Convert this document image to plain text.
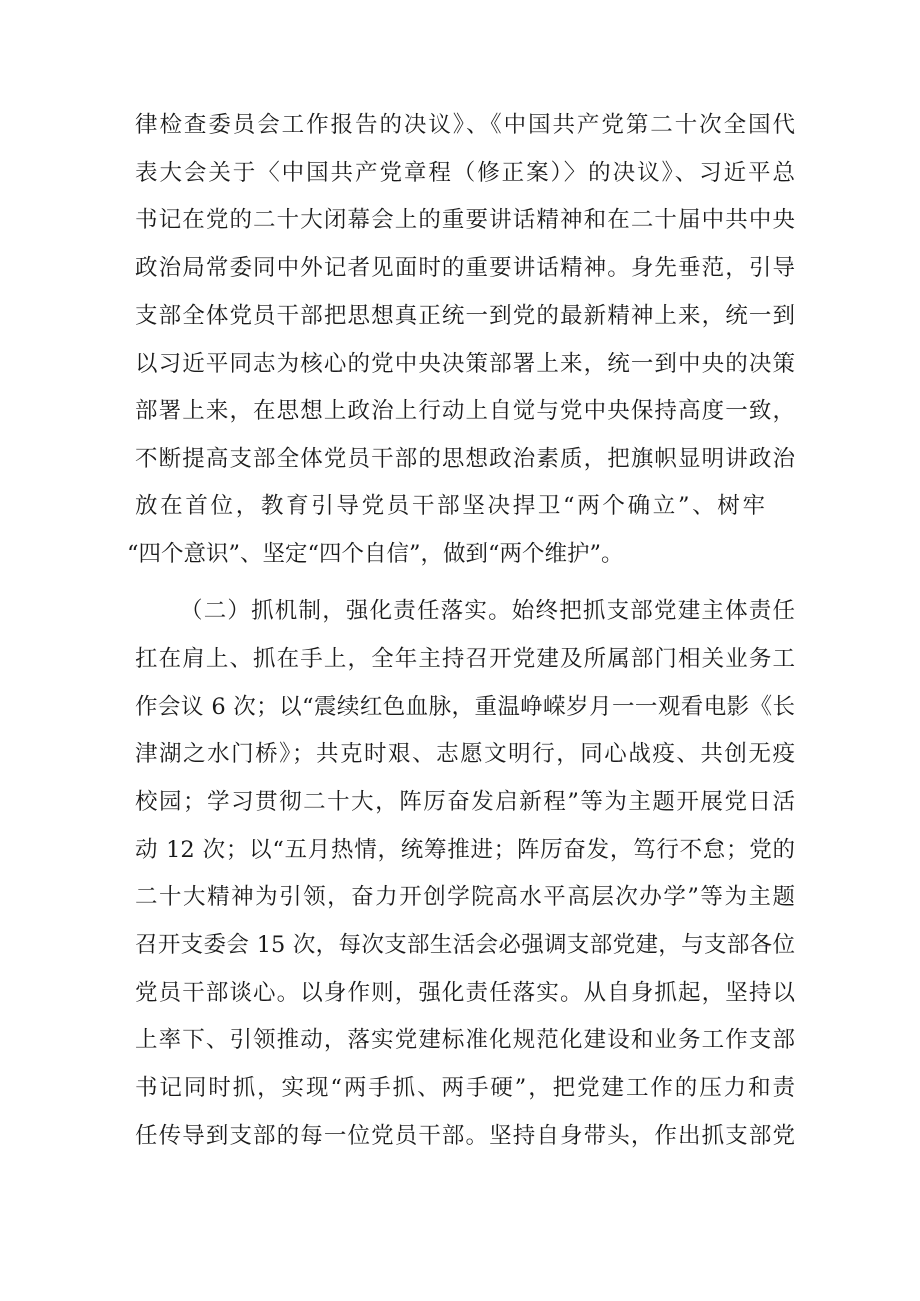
律检查委员会工作报告的决议》、《中国共产党第二十次全国代
表大会关于〈中国共产党章程（修正案）〉的决议》、习近平总
书记在党的二十大闭幕会上的重要讲话精神和在二十届中共中央
政治局常委同中外记者见面时的重要讲话精神。身先垂范，引导
支部全体党员干部把思想真正统一到党的最新精神上来，统一到
以习近平同志为核心的党中央决策部署上来，统一到中央的决策
部署上来，在思想上政治上行动上自觉与党中央保持高度一致，
不断提高支部全体党员干部的思想政治素质，把旗帜显明讲政治
放在首位，教育引导党员干部坚决捍卫“两个确立”、树牢
“四个意识”、坚定“四个自信”，做到“两个维护”。
（二）抓机制，强化责任落实。始终把抓支部党建主体责任
扛在肩上、抓在手上，全年主持召开党建及所属部门相关业务工
作会议 6 次；以“震续红色血脉，重温峥嵘岁月一一观看电影《长
津湖之水门桥》；共克时艰、志愿文明行，同心战疫、共创无疫
校园；学习贯彻二十大，阵厉奋发启新程”等为主题开展党日活
动 12 次；以“五月热情，统筹推进；阵厉奋发，笃行不怠；党的
二十大精神为引领，奋力开创学院高水平高层次办学”等为主题
召开支委会 15 次，每次支部生活会必强调支部党建，与支部各位
党员干部谈心。以身作则，强化责任落实。从自身抓起，坚持以
上率下、引领推动，落实党建标准化规范化建设和业务工作支部
书记同时抓，实现“两手抓、两手硬”，把党建工作的压力和责
任传导到支部的每一位党员干部。坚持自身带头，作出抓支部党
